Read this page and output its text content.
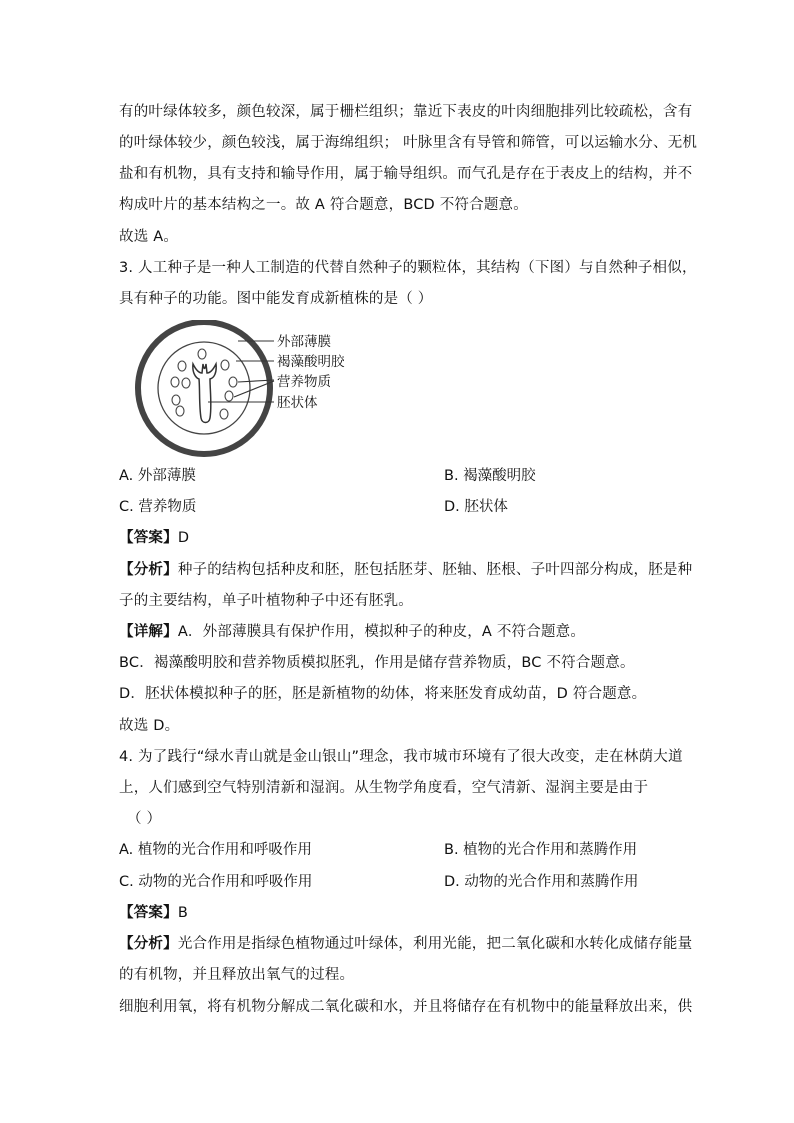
有的叶绿体较多，颜色较深，属于栅栏组织；靠近下表皮的叶肉细胞排列比较疏松，含有
的叶绿体较少，颜色较浅，属于海绵组织； 叶脉里含有导管和筛管，可以运输水分、无机
盐和有机物，具有支持和输导作用，属于输导组织。而气孔是存在于表皮上的结构，并不
构成叶片的基本结构之一。故 A 符合题意，BCD 不符合题意。
故选 A。
3. 人工种子是一种人工制造的代替自然种子的颗粒体，其结构（下图）与自然种子相似，
具有种子的功能。图中能发育成新植株的是（ ）
外部薄膜
褐藻酸明胶
营养物质
胚状体
A. 外部薄膜	B. 褐藻酸明胶
C. 营养物质	D. 胚状体
【答案】D
【分析】种子的结构包括种皮和胚，胚包括胚芽、胚轴、胚根、子叶四部分构成，胚是种
子的主要结构，单子叶植物种子中还有胚乳。
【详解】A．外部薄膜具有保护作用，模拟种子的种皮，A 不符合题意。
BC．褐藻酸明胶和营养物质模拟胚乳，作用是储存营养物质，BC 不符合题意。
D．胚状体模拟种子的胚，胚是新植物的幼体，将来胚发育成幼苗，D 符合题意。
故选 D。
4. 为了践行“绿水青山就是金山银山”理念，我市城市环境有了很大改变，走在林荫大道
上，人们感到空气特别清新和湿润。从生物学角度看，空气清新、湿润主要是由于
（ ）
A. 植物的光合作用和呼吸作用	B. 植物的光合作用和蒸腾作用
C. 动物的光合作用和呼吸作用	D. 动物的光合作用和蒸腾作用
【答案】B
【分析】光合作用是指绿色植物通过叶绿体，利用光能，把二氧化碳和水转化成储存能量
的有机物，并且释放出氧气的过程。
细胞利用氧，将有机物分解成二氧化碳和水，并且将储存在有机物中的能量释放出来，供
